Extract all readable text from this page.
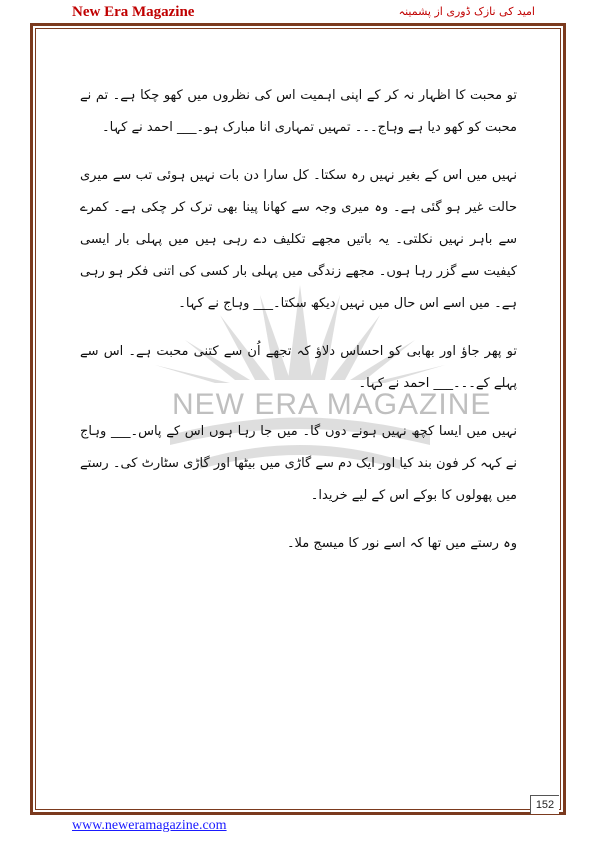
New Era Magazine	امید کی نازک ڈوری از پشمینہ
NEW ERA MAGAZINE

تو محبت کا اظہار نہ کر کے اپنی اہمیت اس کی نظروں میں کھو چکا ہے۔ تم نے محبت کو کھو دیا ہے وہاج۔۔۔ تمہیں تمہاری انا مبارک ہو۔___ احمد نے کہا۔

نہیں میں اس کے بغیر نہیں رہ سکتا۔ کل سارا دن بات نہیں ہوئی تب سے میری حالت غیر ہو گئی ہے۔ وہ میری وجہ سے کھانا پینا بھی ترک کر چکی ہے۔ کمرے سے باہر نہیں نکلتی۔ یہ باتیں مجھے تکلیف دے رہی ہیں میں پہلی بار ایسی کیفیت سے گزر رہا ہوں۔ مجھے زندگی میں پہلی بار کسی کی اتنی فکر ہو رہی ہے۔ میں اسے اس حال میں نہیں دیکھ سکتا۔___ وہاج نے کہا۔

تو پھر جاؤ اور بھابی کو احساس دلاؤ کہ تجھے اُن سے کتنی محبت ہے۔ اس سے پہلے کے۔۔۔___ احمد نے کہا۔

نہیں میں ایسا کچھ نہیں ہونے دوں گا۔ میں جا رہا ہوں اس کے پاس۔___ وہاج نے کہہ کر فون بند کیا اور ایک دم سے گاڑی میں بیٹھا اور گاڑی سٹارٹ کی۔ رستے میں پھولوں کا بوکے اس کے لیے خریدا۔

وہ رستے میں تھا کہ اسے نور کا میسج ملا۔

152
www.neweramagazine.com
